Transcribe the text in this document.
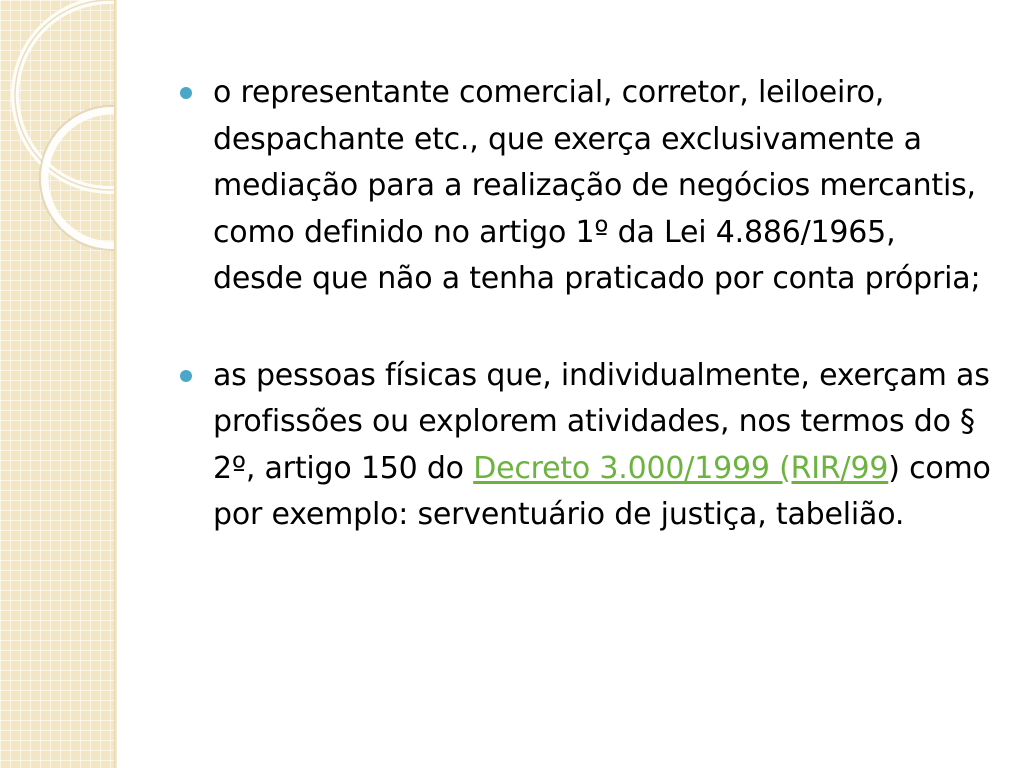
o representante comercial, corretor, leiloeiro, despachante etc., que exerça exclusivamente a mediação para a realização de negócios mercantis, como definido no artigo 1º da Lei 4.886/1965, desde que não a tenha praticado por conta própria;
as pessoas físicas que, individualmente, exerçam as profissões ou explorem atividades, nos termos do § 2º, artigo 150 do Decreto 3.000/1999 (RIR/99) como por exemplo: serventuário de justiça, tabelião.
